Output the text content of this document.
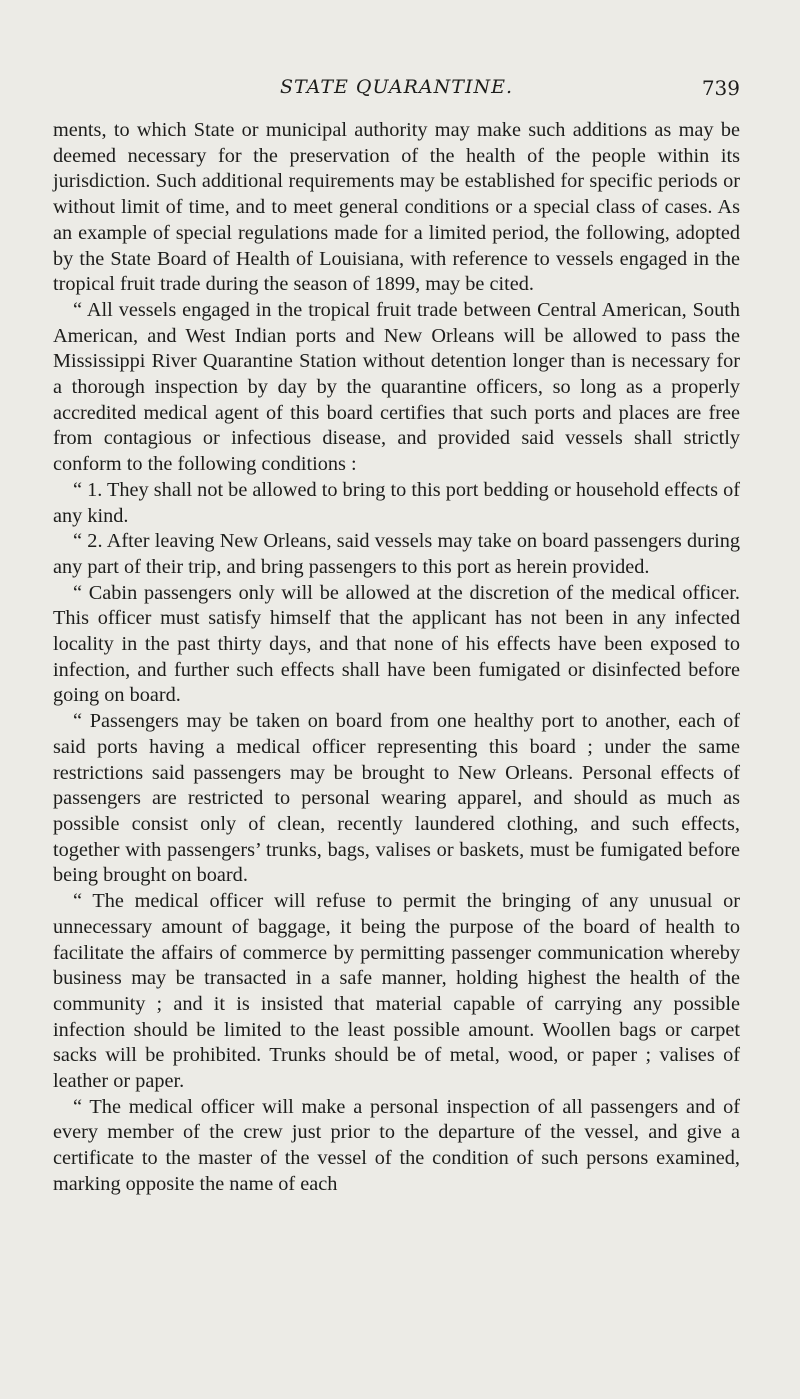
STATE QUARANTINE.	739

ments, to which State or municipal authority may make such additions as may be deemed necessary for the preservation of the health of the people within its jurisdiction. Such additional requirements may be established for specific periods or without limit of time, and to meet general conditions or a special class of cases. As an example of special regulations made for a limited period, the following, adopted by the State Board of Health of Louisiana, with reference to vessels engaged in the tropical fruit trade during the season of 1899, may be cited.

“ All vessels engaged in the tropical fruit trade between Central American, South American, and West Indian ports and New Orleans will be allowed to pass the Mississippi River Quarantine Station without detention longer than is necessary for a thorough inspection by day by the quarantine officers, so long as a properly accredited medical agent of this board certifies that such ports and places are free from contagious or infectious disease, and provided said vessels shall strictly conform to the following conditions :

“ 1. They shall not be allowed to bring to this port bedding or household effects of any kind.

“ 2. After leaving New Orleans, said vessels may take on board passengers during any part of their trip, and bring passengers to this port as herein provided.

“ Cabin passengers only will be allowed at the discretion of the medical officer. This officer must satisfy himself that the applicant has not been in any infected locality in the past thirty days, and that none of his effects have been exposed to infection, and further such effects shall have been fumigated or disinfected before going on board.

“ Passengers may be taken on board from one healthy port to another, each of said ports having a medical officer representing this board ; under the same restrictions said passengers may be brought to New Orleans. Personal effects of passengers are restricted to personal wearing apparel, and should as much as possible consist only of clean, recently laundered clothing, and such effects, together with passengers’ trunks, bags, valises or baskets, must be fumigated before being brought on board.

“ The medical officer will refuse to permit the bringing of any unusual or unnecessary amount of baggage, it being the purpose of the board of health to facilitate the affairs of commerce by permitting passenger communication whereby business may be transacted in a safe manner, holding highest the health of the community ; and it is insisted that material capable of carrying any possible infection should be limited to the least possible amount. Woollen bags or carpet sacks will be prohibited. Trunks should be of metal, wood, or paper ; valises of leather or paper.

“ The medical officer will make a personal inspection of all passengers and of every member of the crew just prior to the departure of the vessel, and give a certificate to the master of the vessel of the condition of such persons examined, marking opposite the name of each
